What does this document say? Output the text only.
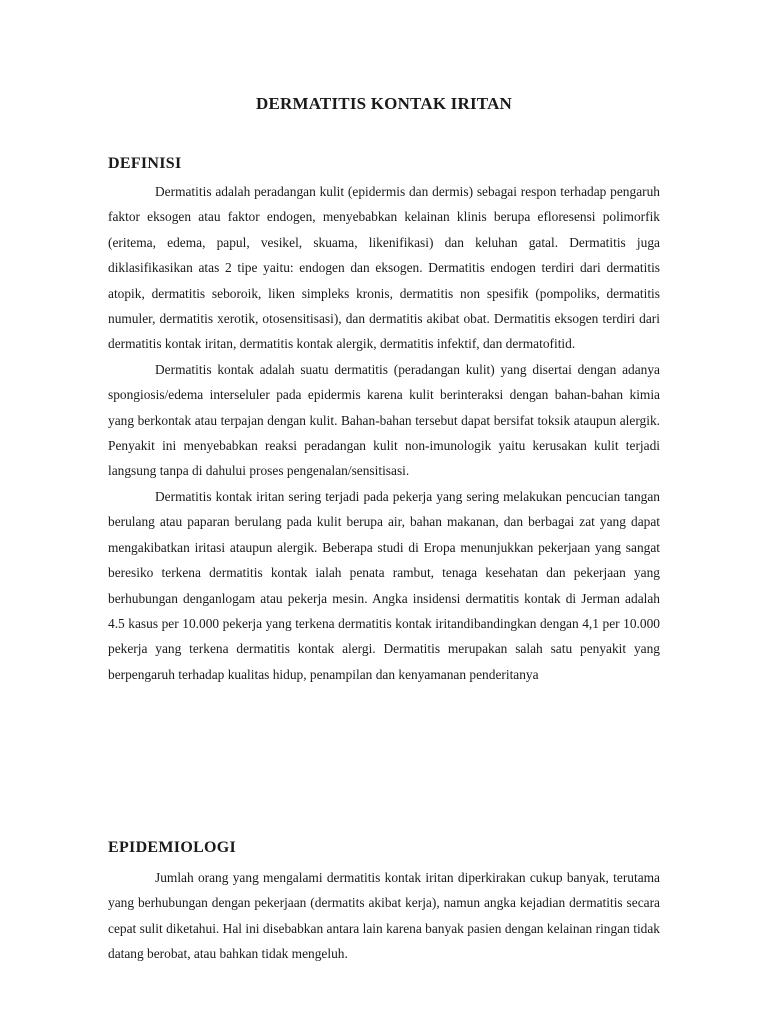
DERMATITIS KONTAK IRITAN
DEFINISI

Dermatitis adalah peradangan kulit (epidermis dan dermis) sebagai respon terhadap pengaruh faktor eksogen atau faktor endogen, menyebabkan kelainan klinis berupa efloresensi polimorfik (eritema, edema, papul, vesikel, skuama, likenifikasi) dan keluhan gatal. Dermatitis juga diklasifikasikan atas 2 tipe yaitu: endogen dan eksogen. Dermatitis endogen terdiri dari dermatitis atopik, dermatitis seboroik, liken simpleks kronis, dermatitis non spesifik (pompoliks, dermatitis numuler, dermatitis xerotik, otosensitisasi), dan dermatitis akibat obat. Dermatitis eksogen terdiri dari dermatitis kontak iritan, dermatitis kontak alergik, dermatitis infektif, dan dermatofitid.

Dermatitis kontak adalah suatu dermatitis (peradangan kulit) yang disertai dengan adanya spongiosis/edema interseluler pada epidermis karena kulit berinteraksi dengan bahan-bahan kimia yang berkontak atau terpajan dengan kulit. Bahan-bahan tersebut dapat bersifat toksik ataupun alergik. Penyakit ini menyebabkan reaksi peradangan kulit non-imunologik yaitu kerusakan kulit terjadi langsung tanpa di dahului proses pengenalan/sensitisasi.

Dermatitis kontak iritan sering terjadi pada pekerja yang sering melakukan pencucian tangan berulang atau paparan berulang pada kulit berupa air, bahan makanan, dan berbagai zat yang dapat mengakibatkan iritasi ataupun alergik. Beberapa studi di Eropa menunjukkan pekerjaan yang sangat beresiko terkena dermatitis kontak ialah penata rambut, tenaga kesehatan dan pekerjaan yang berhubungan denganlogam atau pekerja mesin. Angka insidensi dermatitis kontak di Jerman adalah 4.5 kasus per 10.000 pekerja yang terkena dermatitis kontak iritandibandingkan dengan 4,1 per 10.000 pekerja yang terkena dermatitis kontak alergi. Dermatitis merupakan salah satu penyakit yang berpengaruh terhadap kualitas hidup, penampilan dan kenyamanan penderitanya

EPIDEMIOLOGI

Jumlah orang yang mengalami dermatitis kontak iritan diperkirakan cukup banyak, terutama yang berhubungan dengan pekerjaan (dermatits akibat kerja), namun angka kejadian dermatitis secara cepat sulit diketahui. Hal ini disebabkan antara lain karena banyak pasien dengan kelainan ringan tidak datang berobat, atau bahkan tidak mengeluh.
